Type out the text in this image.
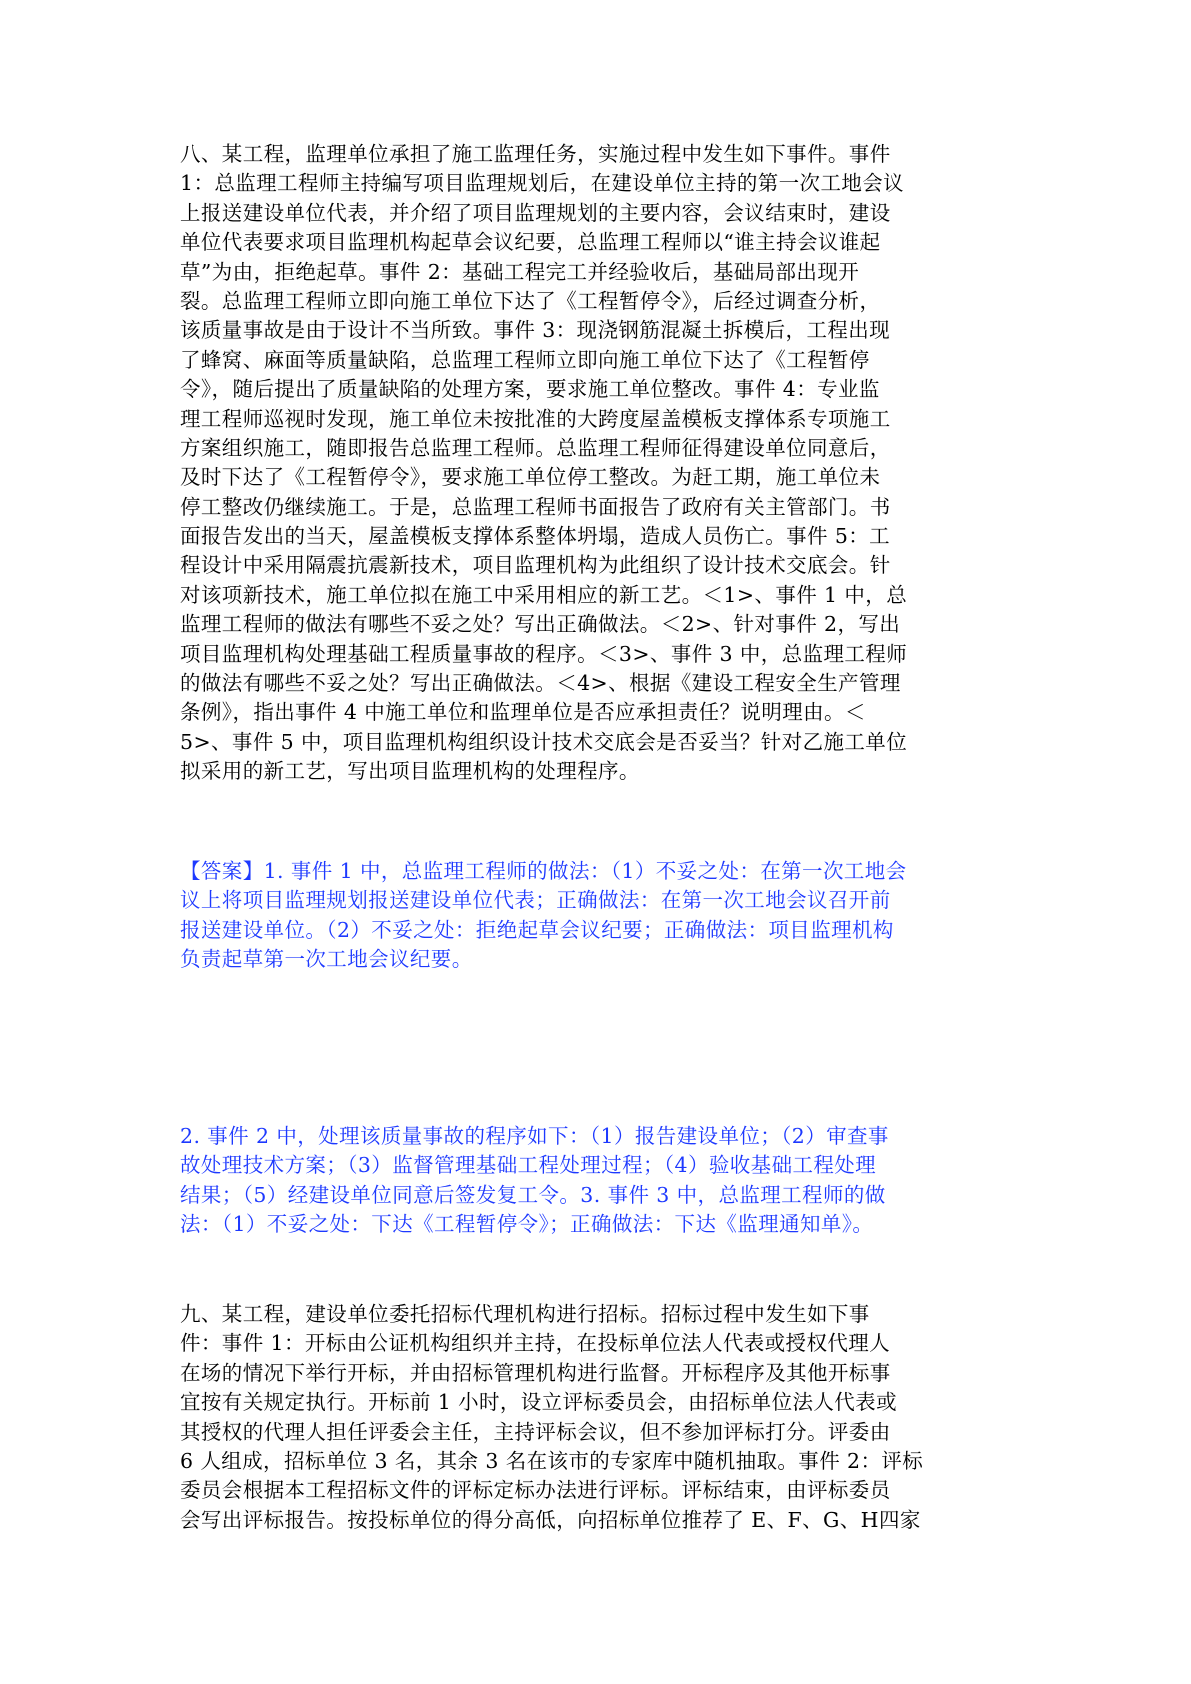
八、某工程，监理单位承担了施工监理任务，实施过程中发生如下事件。事件
1：总监理工程师主持编写项目监理规划后，在建设单位主持的第一次工地会议
上报送建设单位代表，并介绍了项目监理规划的主要内容，会议结束时，建设
单位代表要求项目监理机构起草会议纪要，总监理工程师以“谁主持会议谁起
草”为由，拒绝起草。事件 2：基础工程完工并经验收后，基础局部出现开
裂。总监理工程师立即向施工单位下达了《工程暂停令》，后经过调查分析，
该质量事故是由于设计不当所致。事件 3：现浇钢筋混凝土拆模后，工程出现
了蜂窝、麻面等质量缺陷，总监理工程师立即向施工单位下达了《工程暂停
令》，随后提出了质量缺陷的处理方案，要求施工单位整改。事件 4：专业监
理工程师巡视时发现，施工单位未按批准的大跨度屋盖模板支撑体系专项施工
方案组织施工，随即报告总监理工程师。总监理工程师征得建设单位同意后，
及时下达了《工程暂停令》，要求施工单位停工整改。为赶工期，施工单位未
停工整改仍继续施工。于是，总监理工程师书面报告了政府有关主管部门。书
面报告发出的当天，屋盖模板支撑体系整体坍塌，造成人员伤亡。事件 5：工
程设计中采用隔震抗震新技术，项目监理机构为此组织了设计技术交底会。针
对该项新技术，施工单位拟在施工中采用相应的新工艺。＜1>、事件 1 中，总
监理工程师的做法有哪些不妥之处？写出正确做法。＜2>、针对事件 2，写出
项目监理机构处理基础工程质量事故的程序。＜3>、事件 3 中，总监理工程师
的做法有哪些不妥之处？写出正确做法。＜4>、根据《建设工程安全生产管理
条例》，指出事件 4 中施工单位和监理单位是否应承担责任？说明理由。＜
5>、事件 5 中，项目监理机构组织设计技术交底会是否妥当？针对乙施工单位
拟采用的新工艺，写出项目监理机构的处理程序。
【答案】1. 事件 1 中，总监理工程师的做法：（1）不妥之处：在第一次工地会
议上将项目监理规划报送建设单位代表；正确做法：在第一次工地会议召开前
报送建设单位。（2）不妥之处：拒绝起草会议纪要；正确做法：项目监理机构
负责起草第一次工地会议纪要。
2. 事件 2 中，处理该质量事故的程序如下：（1）报告建设单位；（2）审查事
故处理技术方案；（3）监督管理基础工程处理过程；（4）验收基础工程处理
结果；（5）经建设单位同意后签发复工令。3. 事件 3 中，总监理工程师的做
法：（1）不妥之处：下达《工程暂停令》；正确做法：下达《监理通知单》。
九、某工程，建设单位委托招标代理机构进行招标。招标过程中发生如下事
件：事件 1：开标由公证机构组织并主持，在投标单位法人代表或授权代理人
在场的情况下举行开标，并由招标管理机构进行监督。开标程序及其他开标事
宜按有关规定执行。开标前 1 小时，设立评标委员会，由招标单位法人代表或
其授权的代理人担任评委会主任，主持评标会议，但不参加评标打分。评委由
6 人组成，招标单位 3 名，其余 3 名在该市的专家库中随机抽取。事件 2：评标
委员会根据本工程招标文件的评标定标办法进行评标。评标结束，由评标委员
会写出评标报告。按投标单位的得分高低，向招标单位推荐了 E、F、G、H四家
